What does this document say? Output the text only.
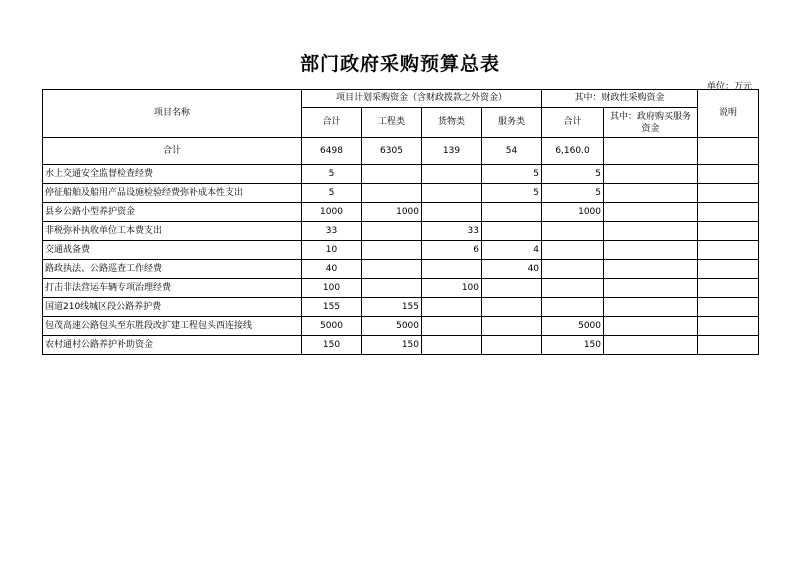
部门政府采购预算总表
单位：万元
项目名称	项目计划采购资金（含财政拨款之外资金）				其中：财政性采购资金		说明
	合计	工程类	货物类	服务类	合计	其中：政府购买服务资金	
合计	6498	6305	139	54	6,160.0		
水上交通安全监督检查经费	5			5	5		
停征船舶及船用产品设施检验经费弥补成本性支出	5			5	5		
县乡公路小型养护资金	1000	1000			1000		
非税弥补执收单位工本费支出	33		33				
交通战备费	10		6	4			
路政执法、公路巡查工作经费	40			40			
打击非法营运车辆专项治理经费	100		100				
国道210线城区段公路养护费	155	155					
包茂高速公路包头至东胜段改扩建工程包头西连接线	5000	5000			5000		
农村通村公路养护补助资金	150	150			150		
